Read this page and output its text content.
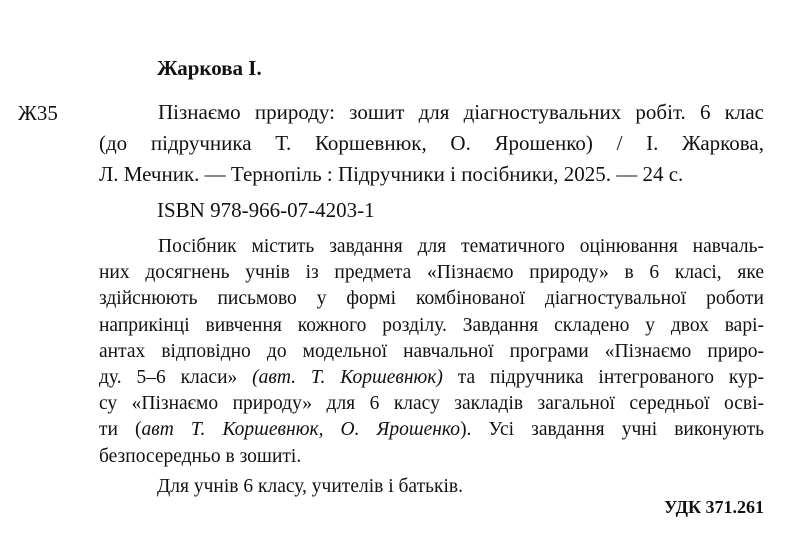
Жарковa І.
Ж35	Пізнаємо природу: зошит для діагностувальних робіт. 6 клас
(до підручника Т. Коршевнюк, О. Ярошенко) / І. Жаркова,
Л. Мечник. — Тернопіль : Підручники і посібники, 2025. — 24 с.
ISBN 978-966-07-4203-1
Посібник містить завдання для тематичного оцінювання навчаль-
них досягнень учнів із предмета «Пізнаємо природу» в 6 класі, яке
здійснюють письмово у формі комбінованої діагностувальної роботи
наприкінці вивчення кожного розділу. Завдання складено у двох варі-
антах відповідно до модельної навчальної програми «Пізнаємо приро-
ду. 5–6 класи» (авт. Т. Коршевнюк) та підручника інтегрованого кур-
су «Пізнаємо природу» для 6 класу закладів загальної середньої осві-
ти (авт Т. Коршевнюк, О. Ярошенко). Усі завдання учні виконують
безпосередньо в зошиті.
Для учнів 6 класу, учителів і батьків.
УДК 371.261
